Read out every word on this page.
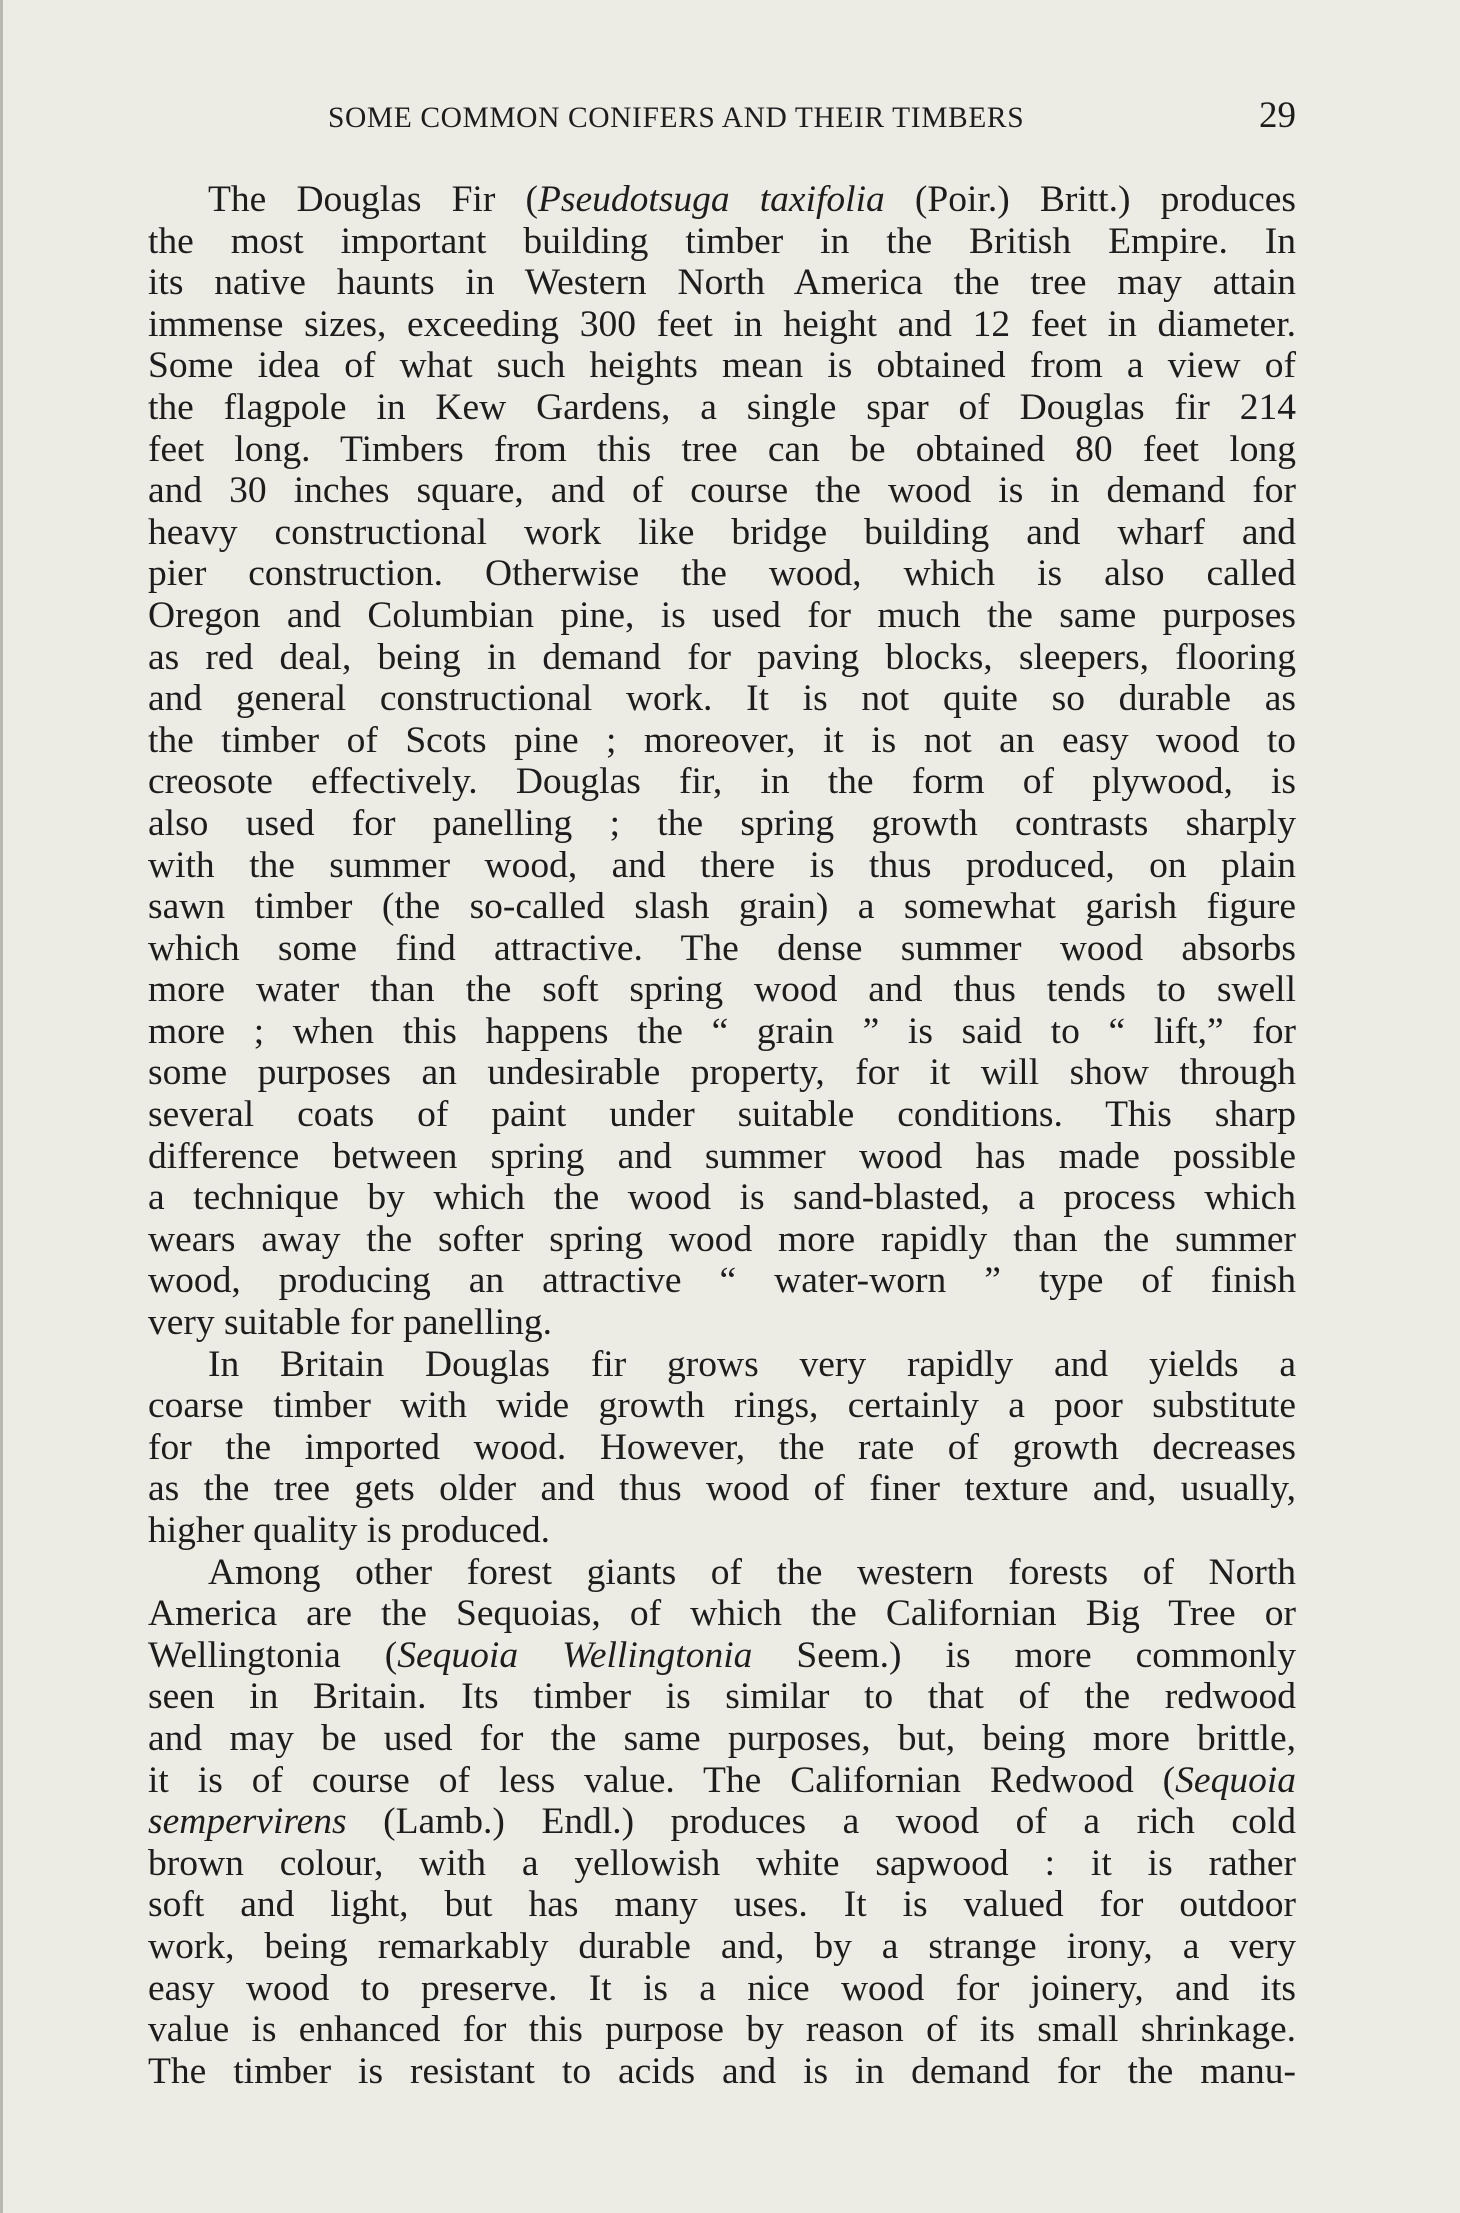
SOME COMMON CONIFERS AND THEIR TIMBERS	29
The Douglas Fir (Pseudotsuga taxifolia (Poir.) Britt.) produces
the most important building timber in the British Empire. In
its native haunts in Western North America the tree may attain
immense sizes, exceeding 300 feet in height and 12 feet in diameter.
Some idea of what such heights mean is obtained from a view of
the flagpole in Kew Gardens, a single spar of Douglas fir 214
feet long. Timbers from this tree can be obtained 80 feet long
and 30 inches square, and of course the wood is in demand for
heavy constructional work like bridge building and wharf and
pier construction. Otherwise the wood, which is also called
Oregon and Columbian pine, is used for much the same purposes
as red deal, being in demand for paving blocks, sleepers, flooring
and general constructional work. It is not quite so durable as
the timber of Scots pine ; moreover, it is not an easy wood to
creosote effectively. Douglas fir, in the form of plywood, is
also used for panelling ; the spring growth contrasts sharply
with the summer wood, and there is thus produced, on plain
sawn timber (the so-called slash grain) a somewhat garish figure
which some find attractive. The dense summer wood absorbs
more water than the soft spring wood and thus tends to swell
more ; when this happens the “ grain ” is said to “ lift,” for
some purposes an undesirable property, for it will show through
several coats of paint under suitable conditions. This sharp
difference between spring and summer wood has made possible
a technique by which the wood is sand-blasted, a process which
wears away the softer spring wood more rapidly than the summer
wood, producing an attractive “ water-worn ” type of finish
very suitable for panelling.
In Britain Douglas fir grows very rapidly and yields a
coarse timber with wide growth rings, certainly a poor substitute
for the imported wood. However, the rate of growth decreases
as the tree gets older and thus wood of finer texture and, usually,
higher quality is produced.
Among other forest giants of the western forests of North
America are the Sequoias, of which the Californian Big Tree or
Wellingtonia (Sequoia Wellingtonia Seem.) is more commonly
seen in Britain. Its timber is similar to that of the redwood
and may be used for the same purposes, but, being more brittle,
it is of course of less value. The Californian Redwood (Sequoia
sempervirens (Lamb.) Endl.) produces a wood of a rich cold
brown colour, with a yellowish white sapwood : it is rather
soft and light, but has many uses. It is valued for outdoor
work, being remarkably durable and, by a strange irony, a very
easy wood to preserve. It is a nice wood for joinery, and its
value is enhanced for this purpose by reason of its small shrinkage.
The timber is resistant to acids and is in demand for the manu-
